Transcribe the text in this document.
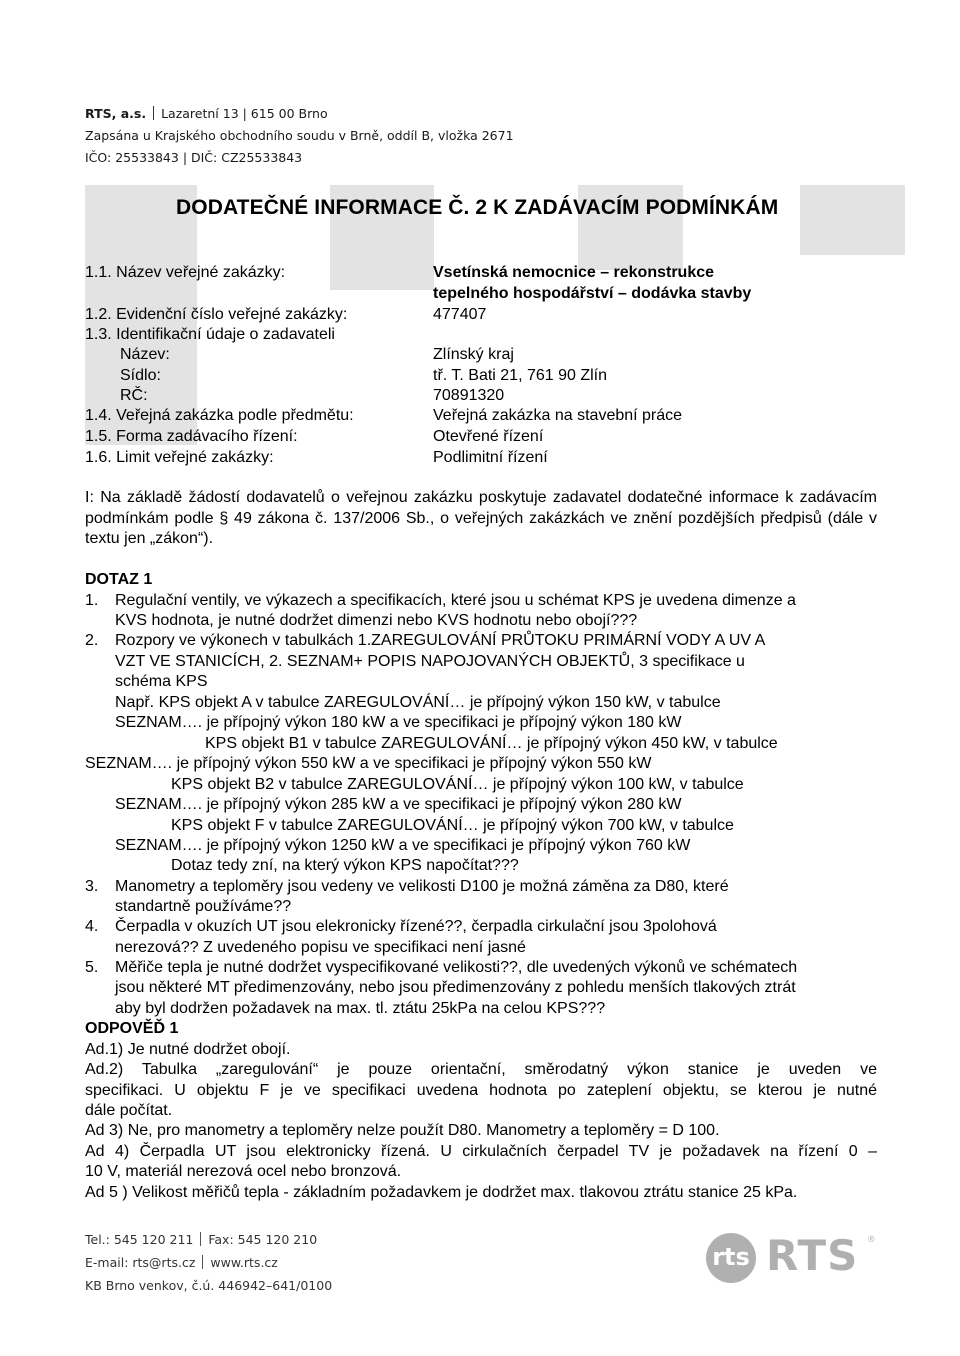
RTS, a.s. Lazaretní 13 | 615 00 Brno
Zapsána u Krajského obchodního soudu v Brně, oddíl B, vložka 2671
IČO: 25533843 | DIČ: CZ25533843
DODATEČNÉ INFORMACE Č. 2 K ZADÁVACÍM PODMÍNKÁM
1.1. Název veřejné zakázky:	Vsetínská nemocnice – rekonstrukce
tepelného hospodářství – dodávka stavby
1.2. Evidenční číslo veřejné zakázky:	477407
1.3. Identifikační údaje o zadavateli
Název:	Zlínský kraj
Sídlo:	tř. T. Bati 21, 761 90 Zlín
RČ:	70891320
1.4. Veřejná zakázka podle předmětu:	Veřejná zakázka na stavební práce
1.5. Forma zadávacího řízení:	Otevřené řízení
1.6. Limit veřejné zakázky:	Podlimitní řízení
I: Na základě žádostí dodavatelů o veřejnou zakázku poskytuje zadavatel dodatečné informace k zadávacím podmínkám podle § 49 zákona č. 137/2006 Sb., o veřejných zakázkách ve znění pozdějších předpisů (dále v textu jen „zákon“).
DOTAZ 1
1. Regulační ventily, ve výkazech a specifikacích, které jsou u schémat KPS je uvedena dimenze a
KVS hodnota, je nutné dodržet dimenzi nebo KVS hodnotu nebo obojí???
2. Rozpory ve výkonech v tabulkách 1.ZAREGULOVÁNÍ PRŮTOKU PRIMÁRNÍ VODY A UV A
VZT VE STANICÍCH, 2. SEZNAM+ POPIS NAPOJOVANÝCH OBJEKTŮ, 3 specifikace u
schéma KPS
Např. KPS objekt A v tabulce ZAREGULOVÁNÍ… je přípojný výkon 150 kW, v tabulce
SEZNAM…. je přípojný výkon 180 kW a ve specifikaci je přípojný výkon 180 kW
KPS objekt B1 v tabulce ZAREGULOVÁNÍ… je přípojný výkon 450 kW, v tabulce
SEZNAM…. je přípojný výkon 550 kW a ve specifikaci je přípojný výkon 550 kW
KPS objekt B2 v tabulce ZAREGULOVÁNÍ… je přípojný výkon 100 kW, v tabulce
SEZNAM…. je přípojný výkon 285 kW a ve specifikaci je přípojný výkon 280 kW
KPS objekt F v tabulce ZAREGULOVÁNÍ… je přípojný výkon 700 kW, v tabulce
SEZNAM…. je přípojný výkon 1250 kW a ve specifikaci je přípojný výkon 760 kW
Dotaz tedy zní, na který výkon KPS napočítat???
3. Manometry a teploměry jsou vedeny ve velikosti D100 je možná záměna za D80, které
standartně používáme??
4. Čerpadla v okuzích UT jsou elekronicky řízené??, čerpadla cirkulační jsou 3polohová
nerezová?? Z uvedeného popisu ve specifikaci není jasné
5. Měřiče tepla je nutné dodržet vyspecifikované velikosti??, dle uvedených výkonů ve schématech
jsou některé MT předimenzovány, nebo jsou předimenzovány z pohledu menších tlakových ztrát
aby byl dodržen požadavek na max. tl. ztátu 25kPa na celou KPS???
ODPOVĚĎ 1
Ad.1) Je nutné dodržet obojí.
Ad.2) Tabulka „zaregulování“ je pouze orientační, směrodatný výkon stanice je uveden ve
specifikaci. U objektu F je ve specifikaci uvedena hodnota po zateplení objektu, se kterou je nutné
dále počítat.
Ad 3) Ne, pro manometry a teploměry nelze použít D80. Manometry a teploměry = D 100.
Ad 4) Čerpadla UT jsou elektronicky řízená. U cirkulačních čerpadel TV je požadavek na řízení 0 –
10 V, materiál nerezová ocel nebo bronzová.
Ad 5 ) Velikost měřičů tepla - základním požadavkem je dodržet max. tlakovou ztrátu stanice 25 kPa.
Tel.: 545 120 211 Fax: 545 120 210
E-mail: rts@rts.cz www.rts.cz
KB Brno venkov, č.ú. 446942–641/0100
rts RTS ®
